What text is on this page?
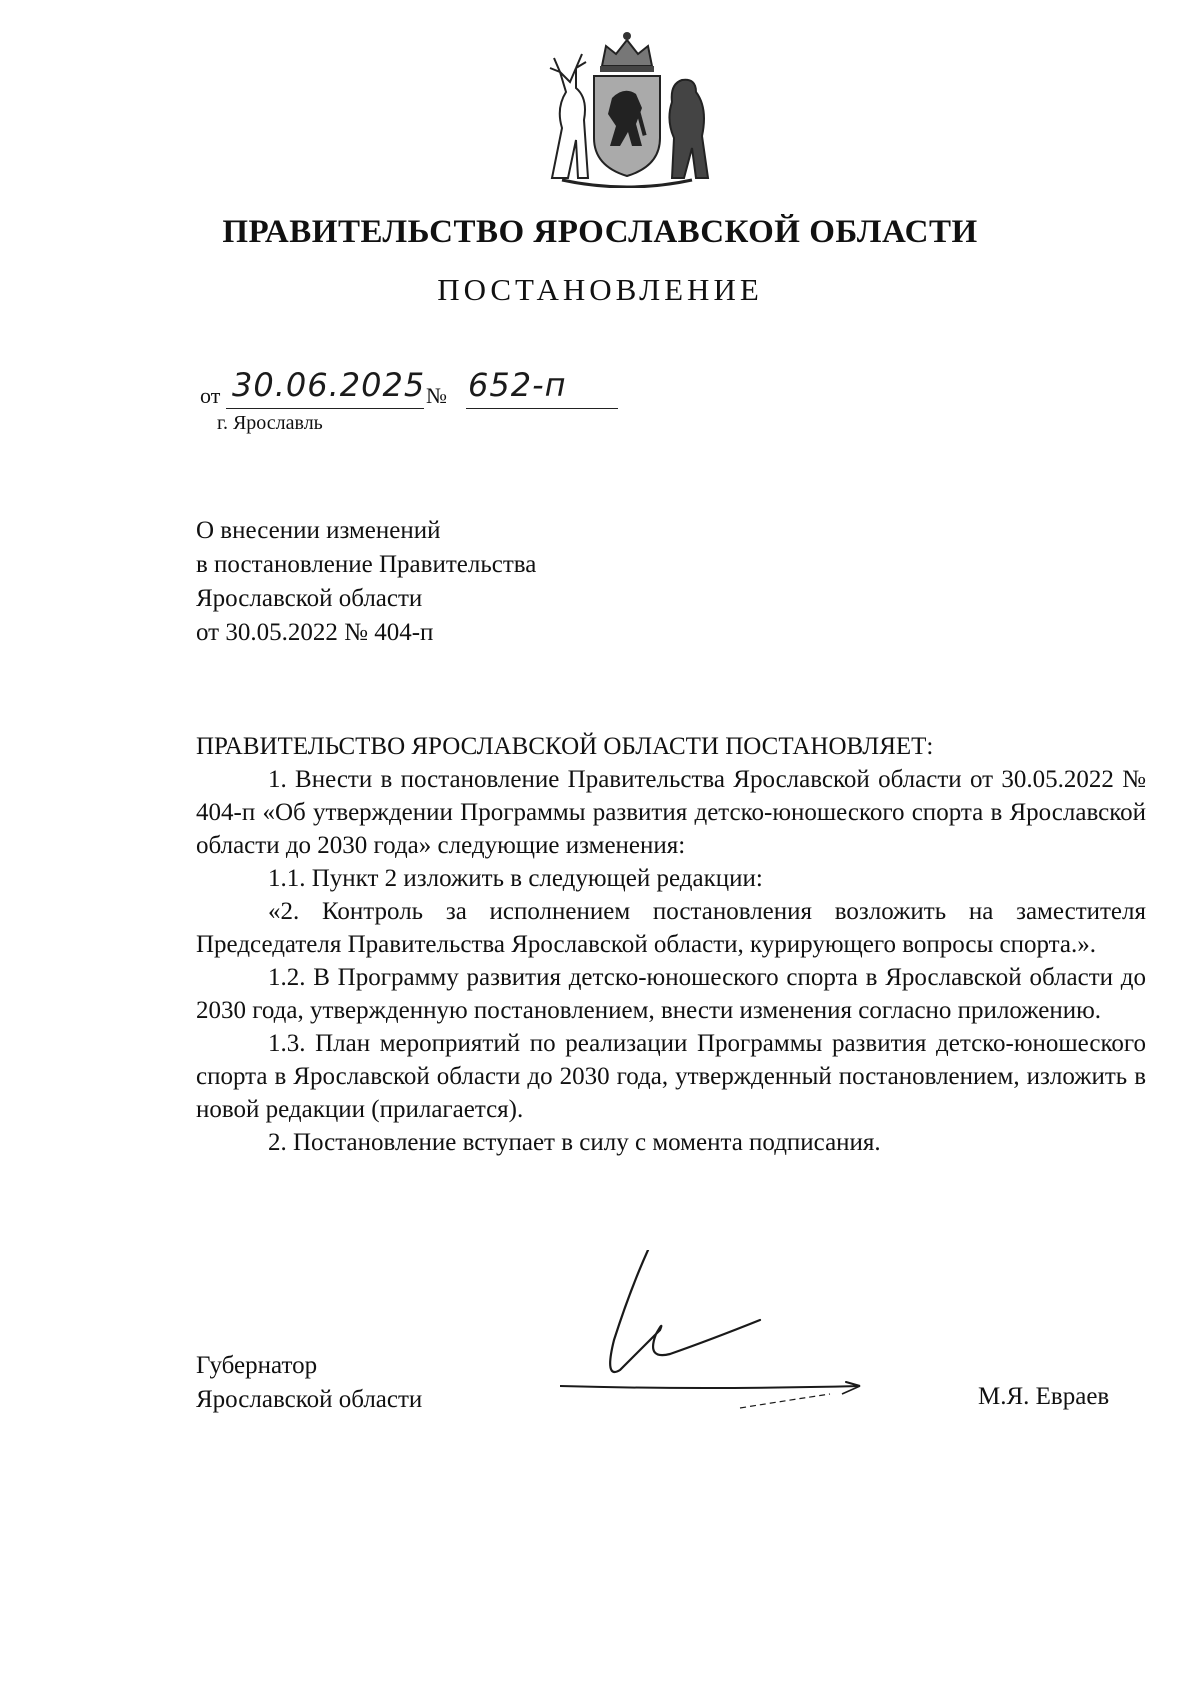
ПРАВИТЕЛЬСТВО ЯРОСЛАВСКОЙ ОБЛАСТИ
ПОСТАНОВЛЕНИЕ
от 30.06.2025 № 652-п
г. Ярославль
О внесении изменений
в постановление Правительства
Ярославской области
от 30.05.2022 № 404-п
ПРАВИТЕЛЬСТВО ЯРОСЛАВСКОЙ ОБЛАСТИ ПОСТАНОВЛЯЕТ:

1. Внести в постановление Правительства Ярославской области от 30.05.2022 № 404-п «Об утверждении Программы развития детско-юношеского спорта в Ярославской области до 2030 года» следующие изменения:

1.1. Пункт 2 изложить в следующей редакции:

«2. Контроль за исполнением постановления возложить на заместителя Председателя Правительства Ярославской области, курирующего вопросы спорта.».

1.2. В Программу развития детско-юношеского спорта в Ярославской области до 2030 года, утвержденную постановлением, внести изменения согласно приложению.

1.3. План мероприятий по реализации Программы развития детско-юношеского спорта в Ярославской области до 2030 года, утвержденный постановлением, изложить в новой редакции (прилагается).

2. Постановление вступает в силу с момента подписания.

Губернатор
Ярославской области	М.Я. Евраев
